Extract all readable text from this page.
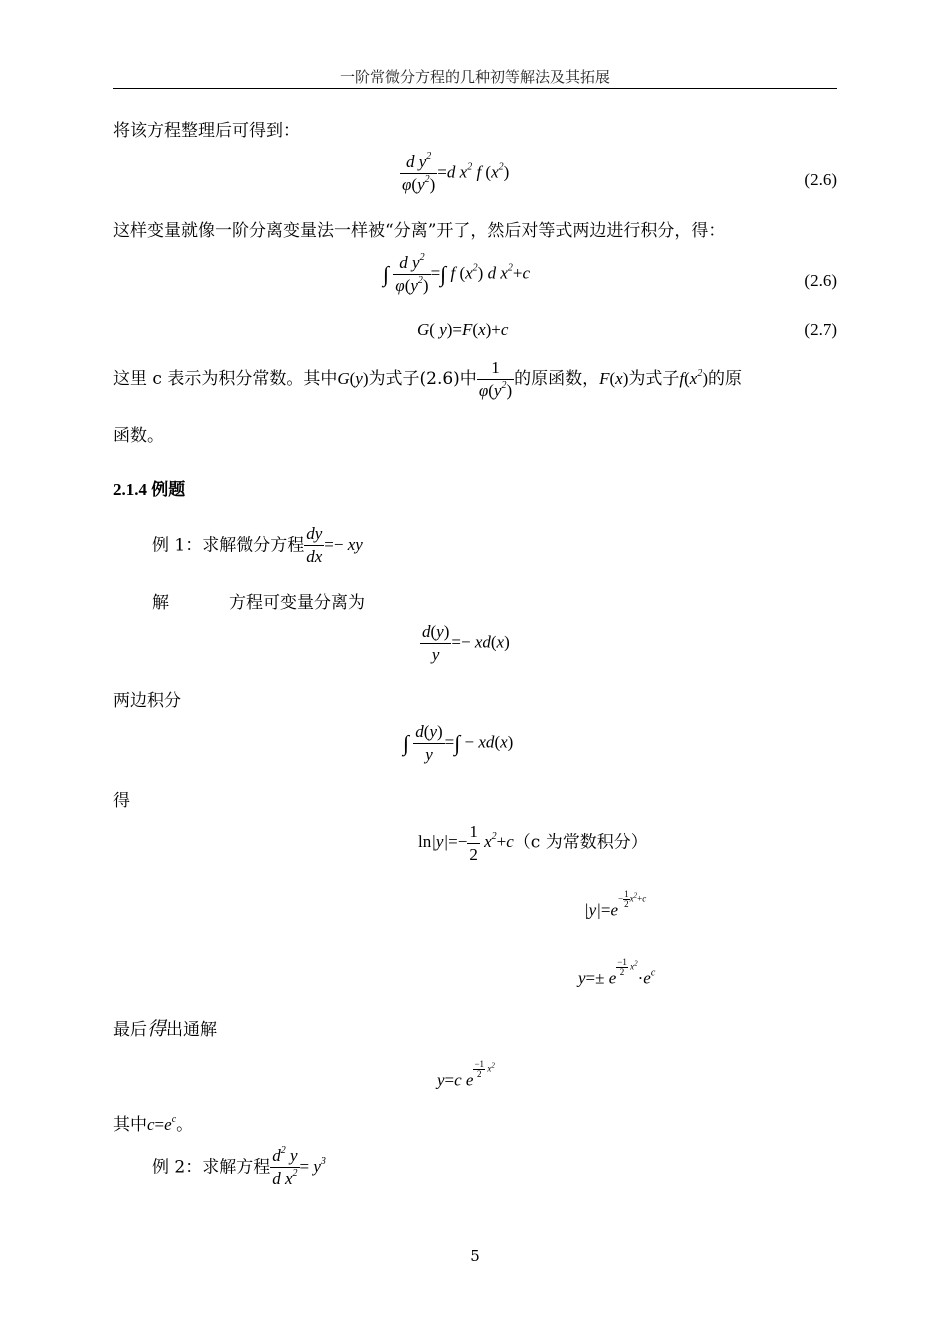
一阶常微分方程的几种初等解法及其拓展
将该方程整理后可得到：
$\frac{d y^2}{\varphi(y^2)} =d$ $x^2$ f $(x^2)$	(2.6)
这样变量就像一阶分离变量法一样被“分离”开了，然后对等式两边进行积分，得：
∫ $\frac{d y^2}{\varphi(y^2)}$ =∫ f $(x^2)$ d $x^2+c$	(2.6)
G( y)=F(x)+c	(2.7)
这里 c 表示为积分常数。其中G(y)为式子(2.6)中 $\frac{1}{\varphi(y^2)}$ 的原函数，F(x)为式子$f(x^2)$的原
函数。
2.1.4 例题
例 1：求解微分方程 $\frac{dy}{dx}$ =− xy
解	方程可变量分离为
$\frac{d(y)}{y} =- xd(x)$
两边积分
∫ $\frac{d(y)}{y}$ =∫ − xd(x)
得
$\ln|y|=- \frac{1}{2} x^2+c(c$ 为常数积分）
$|y|=e- \frac{1}{2} x^2+c$
y=± e
$\frac{-1}{2} x^2\cdot e^c$
最后得出通解
y=c e
$\frac{-1}{2} x^2$
其中$c=e^c$。
例 2：求解方程 $\frac{d^2 y}{d x^2} = y^3$
5
